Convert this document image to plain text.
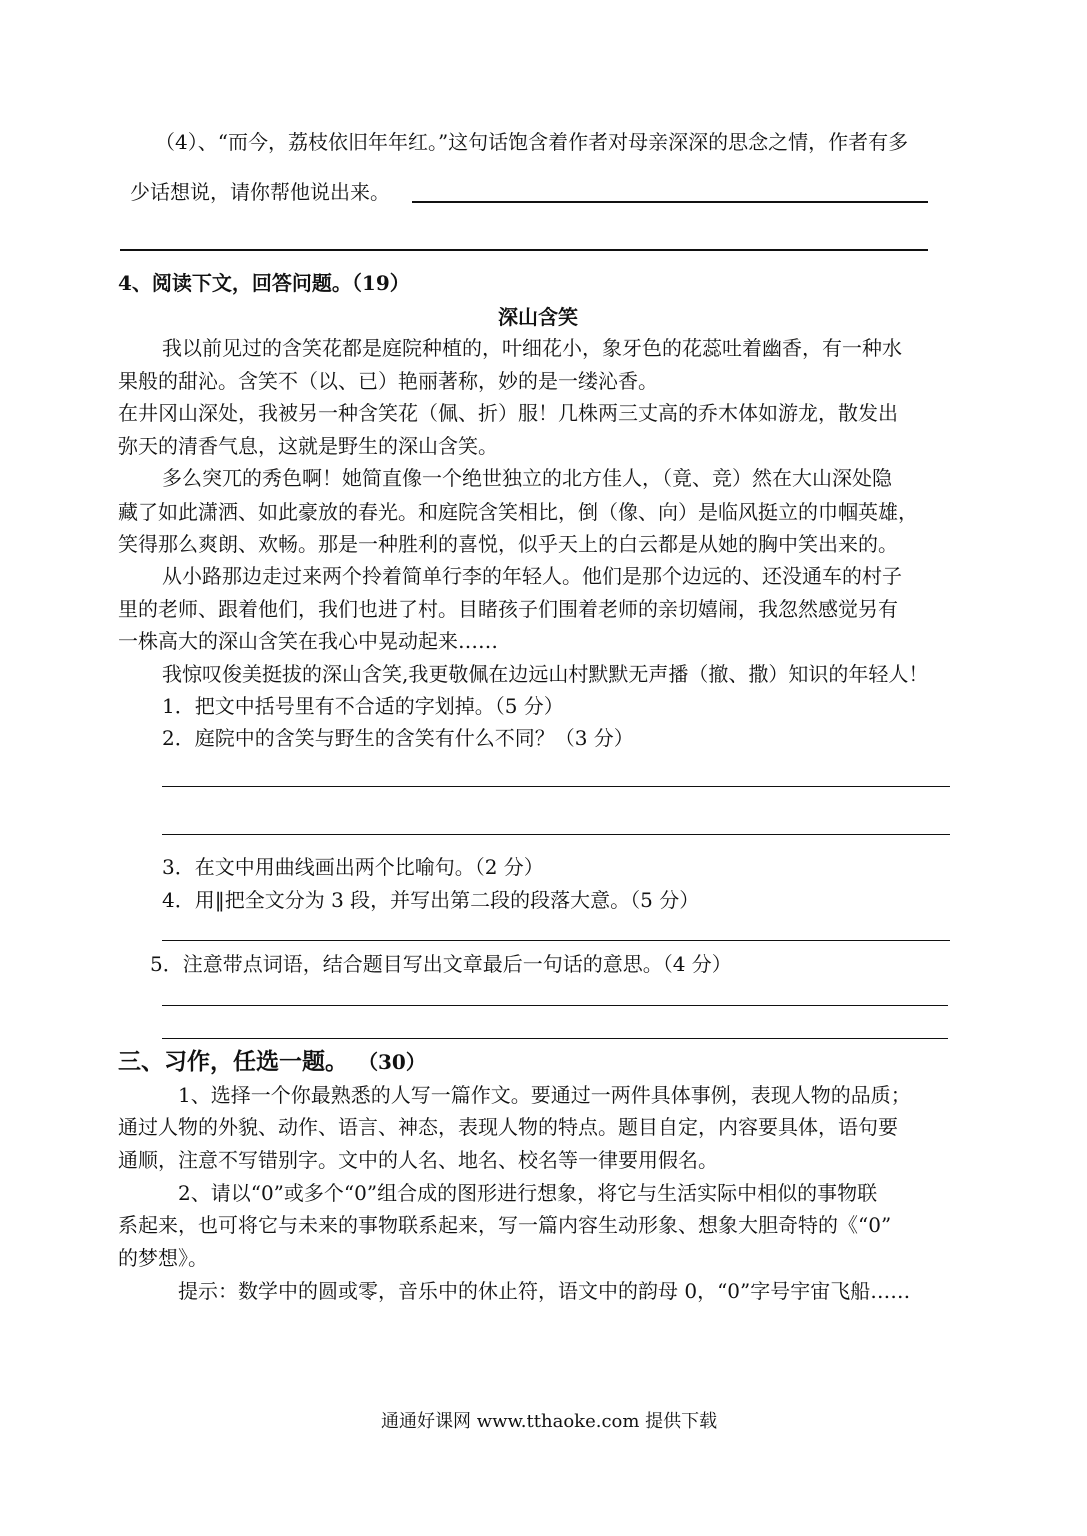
（4）、“而今，荔枝依旧年年红。”这句话饱含着作者对母亲深深的思念之情，作者有多
少话想说，请你帮他说出来。
4、阅读下文，回答问题。（19）
深山含笑
我以前见过的含笑花都是庭院种植的，叶细花小，象牙色的花蕊吐着幽香，有一种水
果般的甜沁。含笑不（以、已）艳丽著称，妙的是一缕沁香。
在井冈山深处，我被另一种含笑花（佩、折）服！几株两三丈高的乔木体如游龙，散发出
弥天的清香气息，这就是野生的深山含笑。
多么突兀的秀色啊！她简直像一个绝世独立的北方佳人，（竟、竞）然在大山深处隐
藏了如此潇洒、如此豪放的春光。和庭院含笑相比，倒（像、向）是临风挺立的巾帼英雄，
笑得那么爽朗、欢畅。那是一种胜利的喜悦，似乎天上的白云都是从她的胸中笑出来的。
从小路那边走过来两个拎着简单行李的年轻人。他们是那个边远的、还没通车的村子
里的老师、跟着他们，我们也进了村。目睹孩子们围着老师的亲切嬉闹，我忽然感觉另有
一株高大的深山含笑在我心中晃动起来……
我惊叹俊美挺拔的深山含笑,我更敬佩在边远山村默默无声播（撤、撒）知识的年轻人！
1．把文中括号里有不合适的字划掉。（5 分）
2．庭院中的含笑与野生的含笑有什么不同？（3 分）
3．在文中用曲线画出两个比喻句。（2 分）
4．用‖把全文分为 3 段，并写出第二段的段落大意。（5 分）
5．注意带点词语，结合题目写出文章最后一句话的意思。（4 分）
三、习作，任选一题。 （30）
1、选择一个你最熟悉的人写一篇作文。要通过一两件具体事例，表现人物的品质；
通过人物的外貌、动作、语言、神态，表现人物的特点。题目自定，内容要具体，语句要
通顺，注意不写错别字。文中的人名、地名、校名等一律要用假名。
2、请以“0”或多个“0”组合成的图形进行想象，将它与生活实际中相似的事物联
系起来，也可将它与未来的事物联系起来，写一篇内容生动形象、想象大胆奇特的《“0”
的梦想》。
提示：数学中的圆或零，音乐中的休止符，语文中的韵母 0，“0”字号宇宙飞船……
通通好课网 www.tthaoke.com 提供下载
